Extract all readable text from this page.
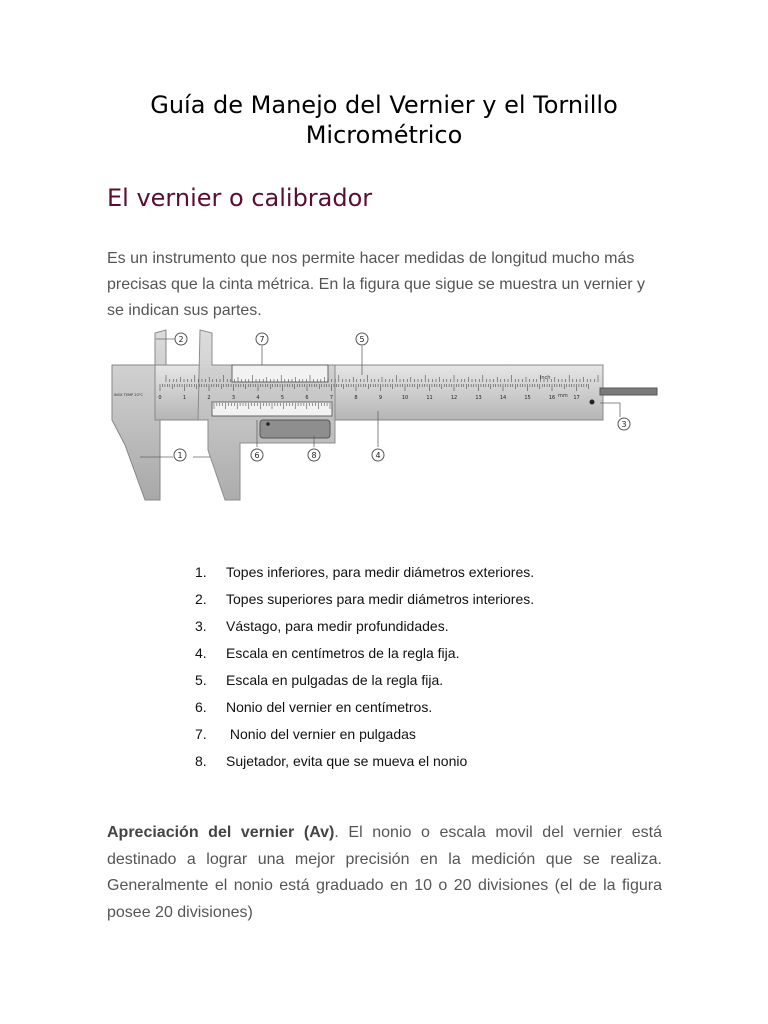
Guía de Manejo del Vernier y el Tornillo Micrométrico
El vernier o calibrador

Es un instrumento que nos permite hacer medidas de longitud mucho más precisas que la cinta métrica. En la figura que sigue se muestra un vernier y se indican sus partes.

0	1	2	3	4	5	6	7	8	9	10	11	12	13	14	15	16	17
inch
mm
INOX TEMP 20°C
2	7	5
3
1	6	8	4
1. Topes inferiores, para medir diámetros exteriores.
2. Topes superiores para medir diámetros interiores.
3. Vástago, para medir profundidades.
4. Escala en centímetros de la regla fija.
5. Escala en pulgadas de la regla fija.
6. Nonio del vernier en centímetros.
7. Nonio del vernier en pulgadas
8. Sujetador, evita que se mueva el nonio

Apreciación del vernier (Av). El nonio o escala movil del vernier está destinado a lograr una mejor precisión en la medición que se realiza. Generalmente el nonio está graduado en 10 o 20 divisiones (el de la figura posee 20 divisiones)
